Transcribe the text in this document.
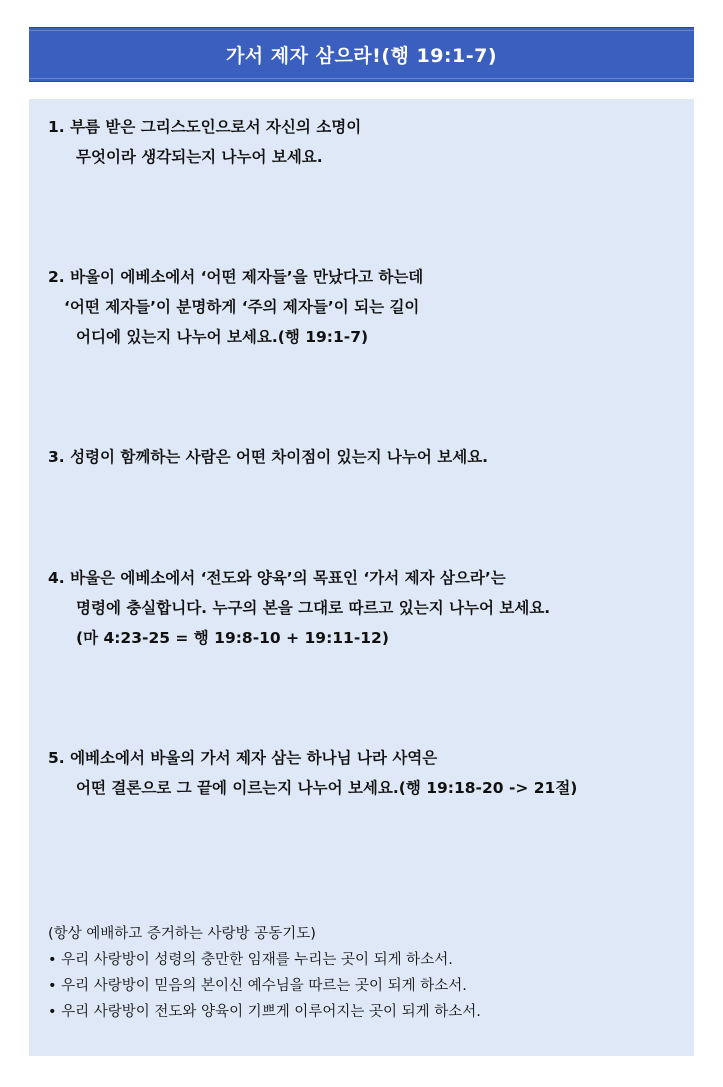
가서 제자 삼으라!(행 19:1-7)
1. 부름 받은 그리스도인으로서 자신의 소명이
무엇이라 생각되는지 나누어 보세요.
2. 바울이 에베소에서 ‘어떤 제자들’을 만났다고 하는데
‘어떤 제자들’이 분명하게 ‘주의 제자들’이 되는 길이
어디에 있는지 나누어 보세요.(행 19:1-7)
3. 성령이 함께하는 사람은 어떤 차이점이 있는지 나누어 보세요.
4. 바울은 에베소에서 ‘전도와 양육’의 목표인 ‘가서 제자 삼으라’는
명령에 충실합니다. 누구의 본을 그대로 따르고 있는지 나누어 보세요.
(마 4:23-25 = 행 19:8-10 + 19:11-12)
5. 에베소에서 바울의 가서 제자 삼는 하나님 나라 사역은
어떤 결론으로 그 끝에 이르는지 나누어 보세요.(행 19:18-20 -> 21절)
(항상 예배하고 증거하는 사랑방 공동기도)
• 우리 사랑방이 성령의 충만한 임재를 누리는 곳이 되게 하소서.
• 우리 사랑방이 믿음의 본이신 예수님을 따르는 곳이 되게 하소서.
• 우리 사랑방이 전도와 양육이 기쁘게 이루어지는 곳이 되게 하소서.
